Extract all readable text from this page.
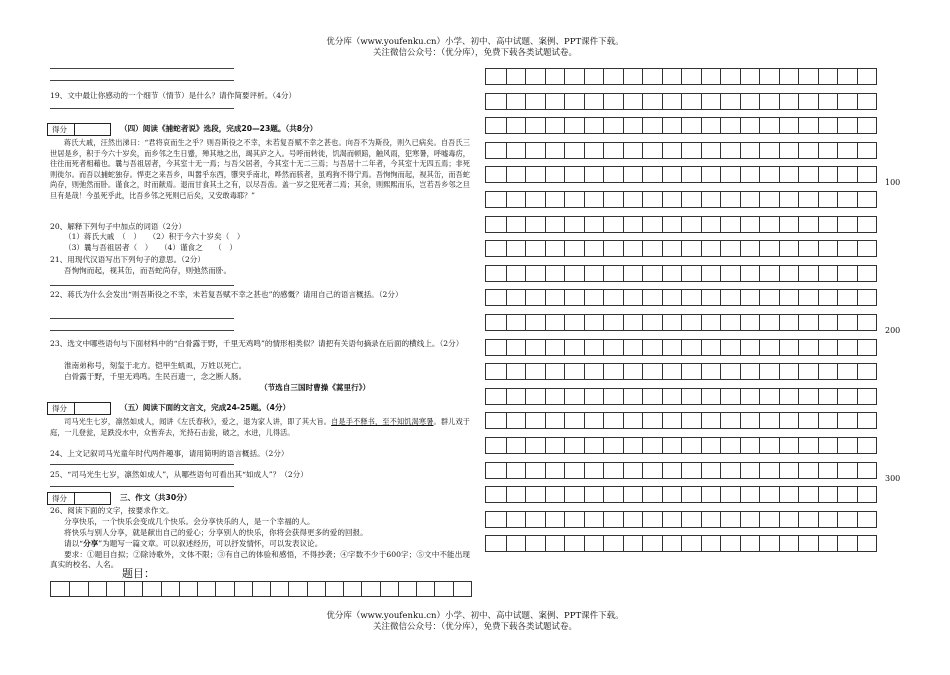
优分库（www.youfenku.cn）小学、初中、高中试题、案例、PPT课件下载。
关注微信公众号：（优分库），免费下载各类试题试卷。
19、文中最让你感动的一个细节（情节）是什么？请作简要评析。（4分）
得分	（四）阅读《捕蛇者说》选段，完成20—23题。（共8分）
蒋氏大戚，汪然出涕曰：“君将哀而生之乎？则吾斯役之不幸，未若复吾赋不幸之甚也。向吾不为斯役，则久已病矣。自吾氏三世居是乡，积于今六十岁矣，而乡邻之生日蹙，殚其地之出，竭其庐之入。号呼而转徙，饥渴而顿踣，触风雨，犯寒暑，呼嘘毒疠，往往而死者相藉也。曩与吾祖居者，今其室十无一焉；与吾父居者，今其室十无二三焉；与吾居十二年者，今其室十无四五焉；非死则徙尔。而吾以捕蛇独存。悍吏之来吾乡，叫嚣乎东西，隳突乎南北，哗然而骇者，虽鸡狗不得宁焉。吾恂恂而起，视其缶，而吾蛇尚存，则弛然而卧。谨食之，时而献焉。退而甘食其土之有，以尽吾齿。盖一岁之犯死者二焉；其余，则熙熙而乐，岂若吾乡邻之旦旦有是哉！今虽死乎此，比吾乡邻之死则已后矣，又安敢毒耶？”
20、解释下列句子中加点的词语（2分）
（1）蒋氏大戚　（　）　　（2）积于今六十岁矣（　）
（3）曩与吾祖居者（　）　　（4）谨食之　　（　）
21、用现代汉语写出下列句子的意思。（2分）
吾恂恂而起，视其缶，而吾蛇尚存，则弛然而卧。
22、蒋氏为什么会发出“则吾斯役之不幸，未若复吾赋不幸之甚也”的感慨？请用自己的语言概括。（2分）
23、选文中哪些语句与下面材料中的“白骨露于野，千里无鸡鸣”的情形相类似？请把有关语句摘录在后面的横线上。（2分）
淮南弟称号，刻玺于北方。铠甲生虮虱，万姓以死亡。
白骨露于野，千里无鸡鸣。生民百遗一，念之断人肠。
（节选自三国时曹操《蒿里行》）
得分	（五）阅读下面的文言文，完成24-25题。（4分）
司马光生七岁，凛然如成人，闻讲《左氏春秋》，爱之，退为家人讲，即了其大旨。自是手不释书，至不知饥渴寒暑。群儿戏于庭，一儿登瓮，足跌没水中，众皆弃去，光持石击瓮，破之，水迸，儿得活。
24、上文记叙司马光童年时代两件趣事，请用简明的语言概括。（2分）
25、“司马光生七岁，凛然如成人”，从哪些语句可看出其“如成人”？（2分）
得分	三、作文（共30分）
26、阅读下面的文字，按要求作文。
分享快乐，一个快乐会变成几个快乐。会分享快乐的人，是一个幸福的人。
将快乐与别人分享，就是献出自己的爱心；分享别人的快乐，你将会获得更多的爱的回报。
请以“分享”为题写一篇文章。可以叙述经历，可以抒发情怀，可以发表议论。
要求：①题目自拟；②除诗歌外，文体不限；③有自己的体验和感悟，不得抄袭；④字数不少于600字；⑤文中不能出现真实的校名、人名。
题目：
100
200
300
优分库（www.youfenku.cn）小学、初中、高中试题、案例、PPT课件下载。
关注微信公众号：（优分库），免费下载各类试题试卷。
